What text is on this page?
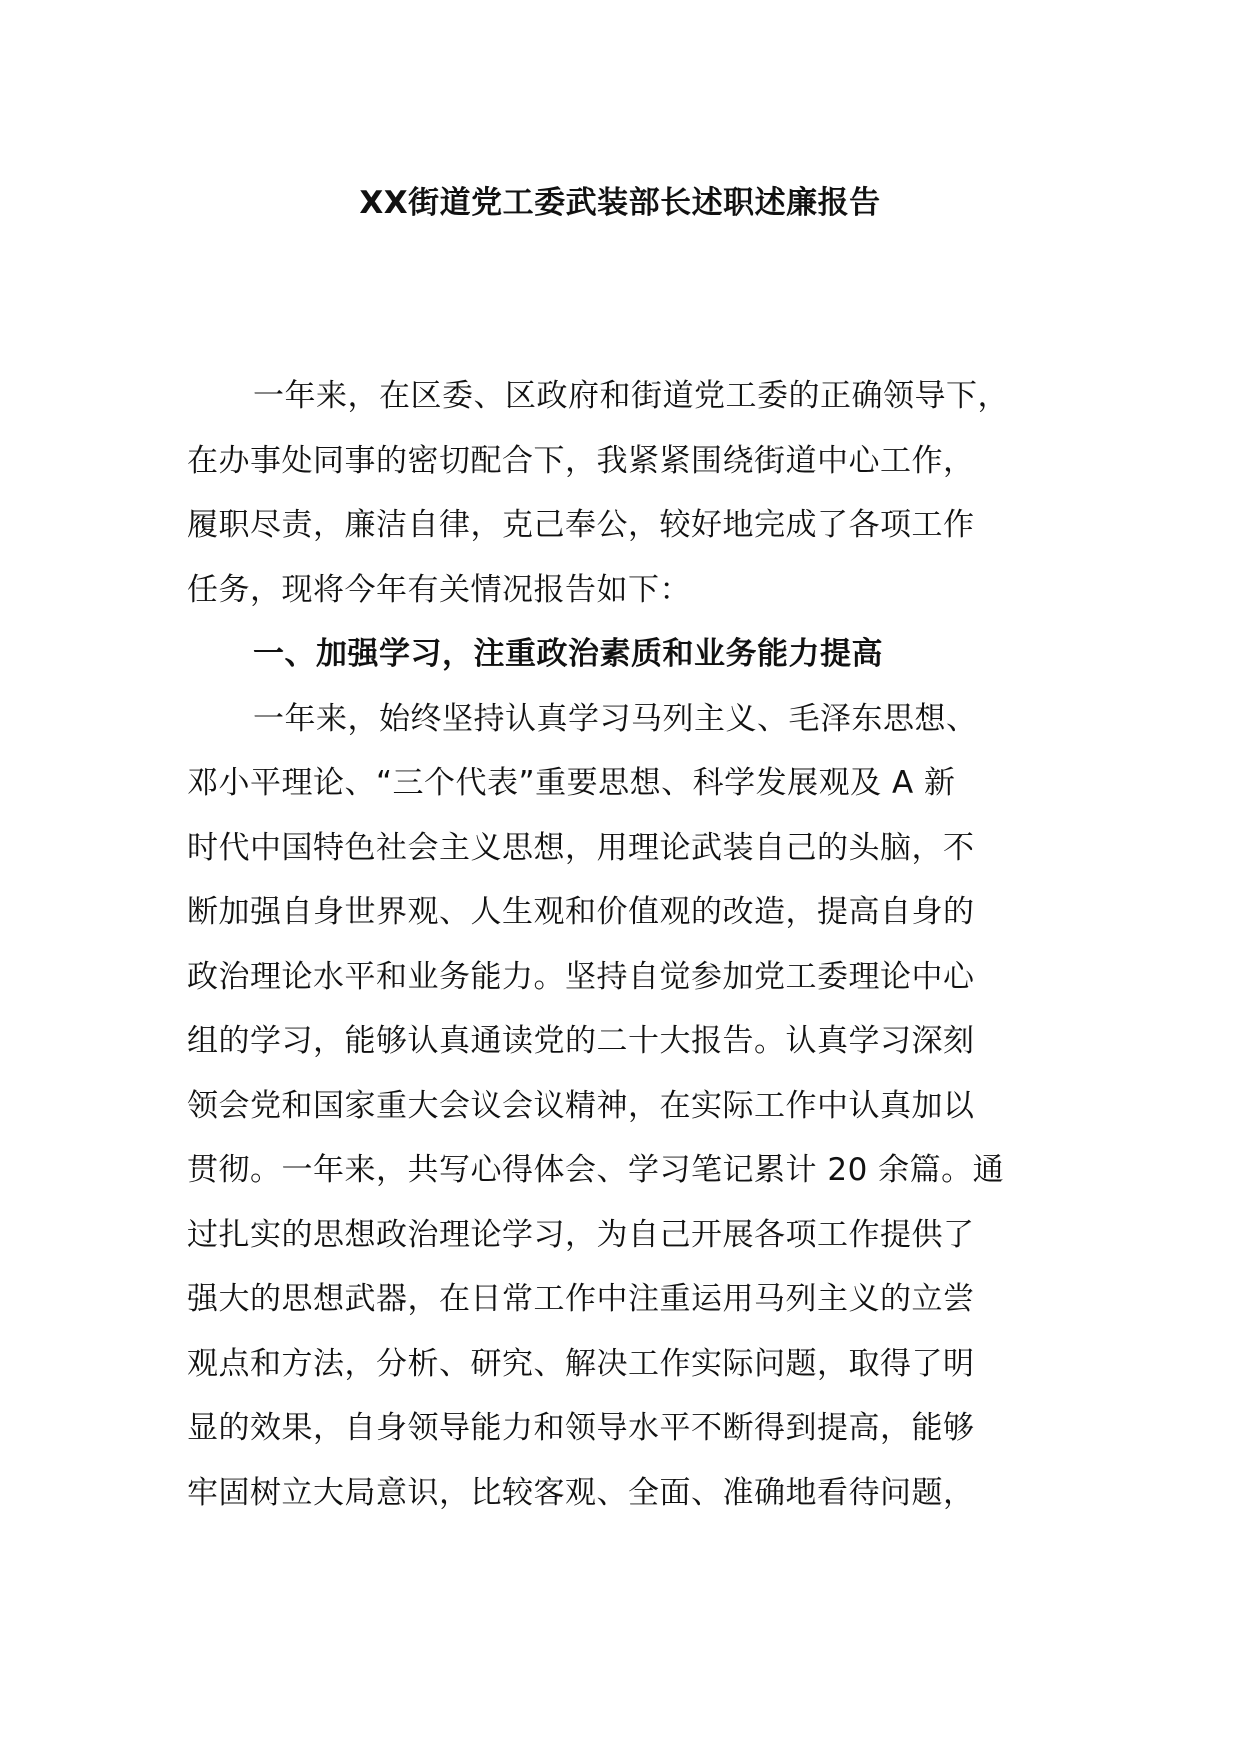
XX街道党工委武装部长述职述廉报告
一年来，在区委、区政府和街道党工委的正确领导下，
在办事处同事的密切配合下，我紧紧围绕街道中心工作，
履职尽责，廉洁自律，克己奉公，较好地完成了各项工作
任务，现将今年有关情况报告如下：
一、加强学习，注重政治素质和业务能力提高
一年来，始终坚持认真学习马列主义、毛泽东思想、
邓小平理论、“三个代表”重要思想、科学发展观及 A 新
时代中国特色社会主义思想，用理论武装自己的头脑，不
断加强自身世界观、人生观和价值观的改造，提高自身的
政治理论水平和业务能力。坚持自觉参加党工委理论中心
组的学习，能够认真通读党的二十大报告。认真学习深刻
领会党和国家重大会议会议精神，在实际工作中认真加以
贯彻。一年来，共写心得体会、学习笔记累计 20 余篇。通
过扎实的思想政治理论学习，为自己开展各项工作提供了
强大的思想武器，在日常工作中注重运用马列主义的立尝
观点和方法，分析、研究、解决工作实际问题，取得了明
显的效果，自身领导能力和领导水平不断得到提高，能够
牢固树立大局意识，比较客观、全面、准确地看待问题，
